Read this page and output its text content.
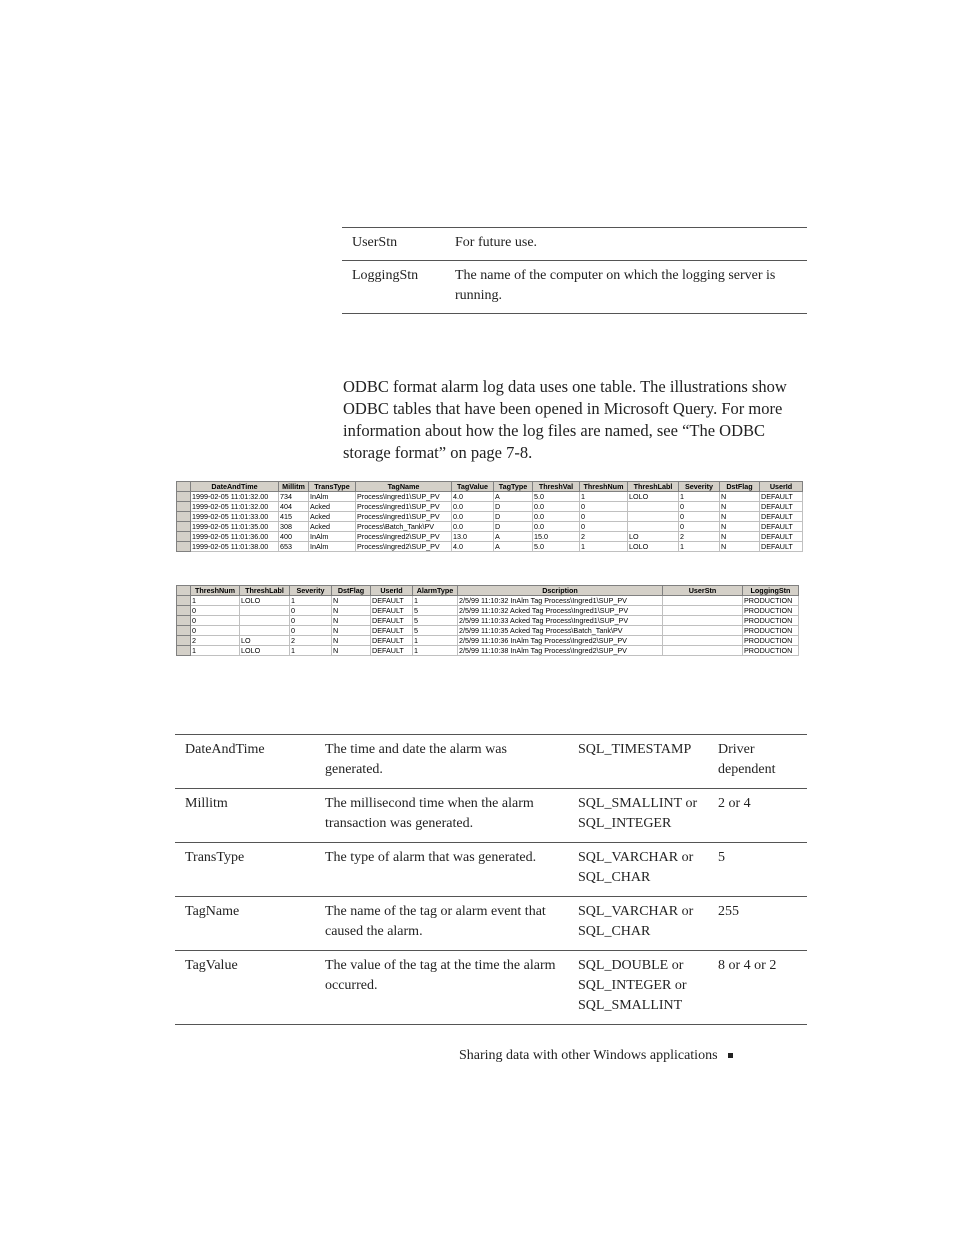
UserStn	For future use.
LoggingStn	The name of the computer on which the logging server is running.

ODBC format alarm log data uses one table. The illustrations show ODBC tables that have been opened in Microsoft Query. For more information about how the log files are named, see “The ODBC storage format” on page 7-8.

	DateAndTime	Millitm	TransType	TagName	TagValue	TagType	ThreshVal	ThreshNum	ThreshLabl	Severity	DstFlag	UserId
	1999-02-05 11:01:32.00	734	InAlm	Process\Ingred1\SUP_PV	4.0	A	5.0	1	LOLO	1	N	DEFAULT
	1999-02-05 11:01:32.00	404	Acked	Process\Ingred1\SUP_PV	0.0	D	0.0	0		0	N	DEFAULT
	1999-02-05 11:01:33.00	415	Acked	Process\Ingred1\SUP_PV	0.0	D	0.0	0		0	N	DEFAULT
	1999-02-05 11:01:35.00	308	Acked	Process\Batch_Tank\PV	0.0	D	0.0	0		0	N	DEFAULT
	1999-02-05 11:01:36.00	400	InAlm	Process\Ingred2\SUP_PV	13.0	A	15.0	2	LO	2	N	DEFAULT
	1999-02-05 11:01:38.00	653	InAlm	Process\Ingred2\SUP_PV	4.0	A	5.0	1	LOLO	1	N	DEFAULT
	ThreshNum	ThreshLabl	Severity	DstFlag	UserId	AlarmType	Dscription	UserStn	LoggingStn
	1	LOLO	1	N	DEFAULT	1	2/5/99 11:10:32 InAlm Tag Process\Ingred1\SUP_PV		PRODUCTION
	0		0	N	DEFAULT	5	2/5/99 11:10:32 Acked Tag Process\Ingred1\SUP_PV		PRODUCTION
	0		0	N	DEFAULT	5	2/5/99 11:10:33 Acked Tag Process\Ingred1\SUP_PV		PRODUCTION
	0		0	N	DEFAULT	5	2/5/99 11:10:35 Acked Tag Process\Batch_Tank\PV		PRODUCTION
	2	LO	2	N	DEFAULT	1	2/5/99 11:10:36 InAlm Tag Process\Ingred2\SUP_PV		PRODUCTION
	1	LOLO	1	N	DEFAULT	1	2/5/99 11:10:38 InAlm Tag Process\Ingred2\SUP_PV		PRODUCTION
DateAndTime	The time and date the alarm was generated.	SQL_TIMESTAMP	Driver dependent
Millitm	The millisecond time when the alarm transaction was generated.	SQL_SMALLINT or SQL_INTEGER	2 or 4
TransType	The type of alarm that was generated.	SQL_VARCHAR or SQL_CHAR	5
TagName	The name of the tag or alarm event that caused the alarm.	SQL_VARCHAR or SQL_CHAR	255
TagValue	The value of the tag at the time the alarm occurred.	SQL_DOUBLE or SQL_INTEGER or SQL_SMALLINT	8 or 4 or 2
Sharing data with other Windows applications
